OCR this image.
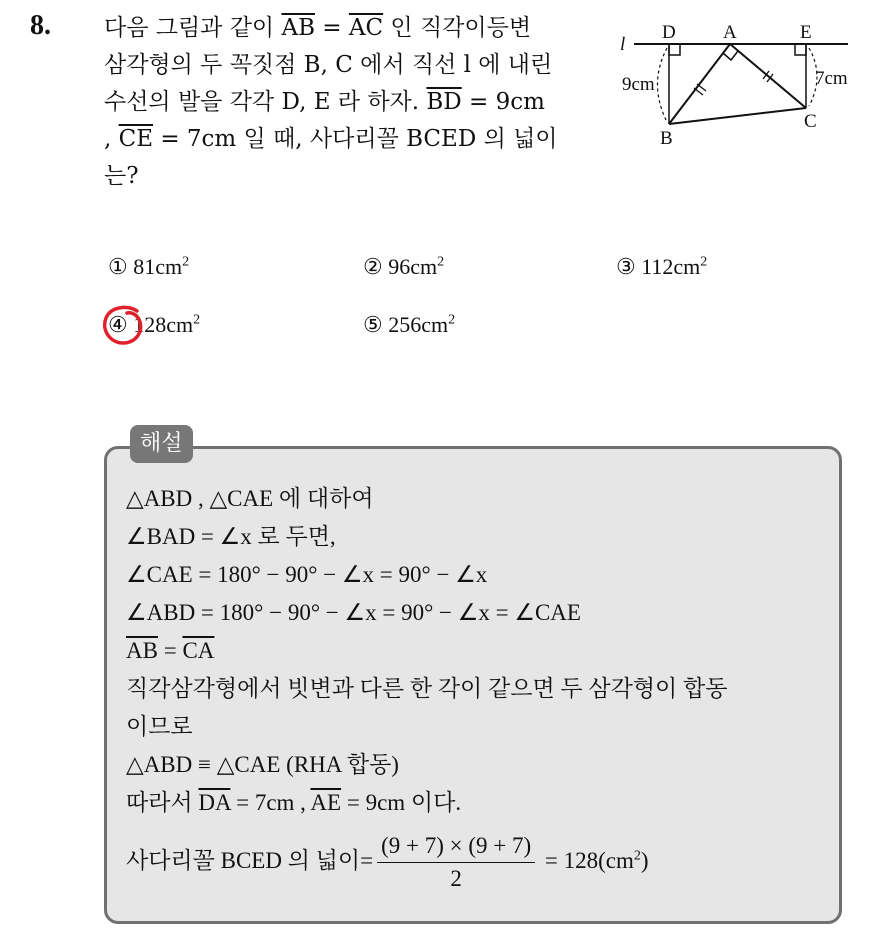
8. 다음 그림과 같이 $\overline{AB} = \overline{AC}$ 인 직각이등변
삼각형의 두 꼭짓점 B, C 에서 직선 l 에 내린
수선의 발을 각각 D, E 라 하자. $\overline{BD} = 9cm$
, $\overline{CE} = 7cm$ 일 때, 사다리꼴 BCED 의 넓이
는?
l
D A	E
B
C
9cm	7cm
① $81cm^2$	② $96cm^2$	③ $112cm^2$
④ $128cm^2$	⑤ $256cm^2$
해설
△ABD , △CAE 에 대하여
∠BAD = ∠x 로 두면,
∠CAE = 180° − 90° − ∠x = 90° − ∠x
∠ABD = 180° − 90° − ∠x = 90° − ∠x = ∠CAE
$\overline{AB} = \overline{CA}$
직각삼각형에서 빗변과 다른 한 각이 같으면 두 삼각형이 합동
이므로
△ABD ≡ △CAE (RHA 합동)
따라서 $\overline{DA} = 7cm$ , $\overline{AE} = 9cm$ 이다.
사다리꼴 BCED 의 넓이= $\frac{(9 + 7) \times (9 + 7)}{2} = 128(cm^2)$
